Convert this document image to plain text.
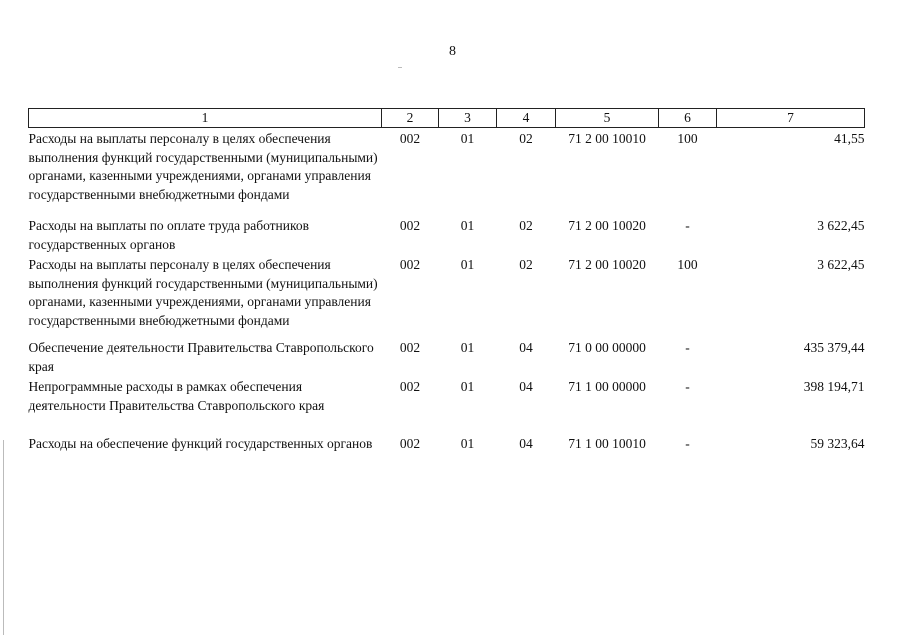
8
1	2	3	4	5	6	7
Расходы на выплаты персоналу в целях обеспечения выполнения функций государственными (муниципальными) органами, казенными учреждениями, органами управления государственными внебюджетными фондами	002	01	02	71 2 00 10010	100	41,55
Расходы на выплаты по оплате труда работников государственных органов	002	01	02	71 2 00 10020	-	3 622,45
Расходы на выплаты персоналу в целях обеспечения выполнения функций государственными (муниципальными) органами, казенными учреждениями, органами управления государственными внебюджетными фондами	002	01	02	71 2 00 10020	100	3 622,45
Обеспечение деятельности Правительства Ставропольского края	002	01	04	71 0 00 00000	-	435 379,44
Непрограммные расходы в рамках обеспечения деятельности Правительства Ставропольского края	002	01	04	71 1 00 00000	-	398 194,71
Расходы на обеспечение функций государственных органов	002	01	04	71 1 00 10010	-	59 323,64
